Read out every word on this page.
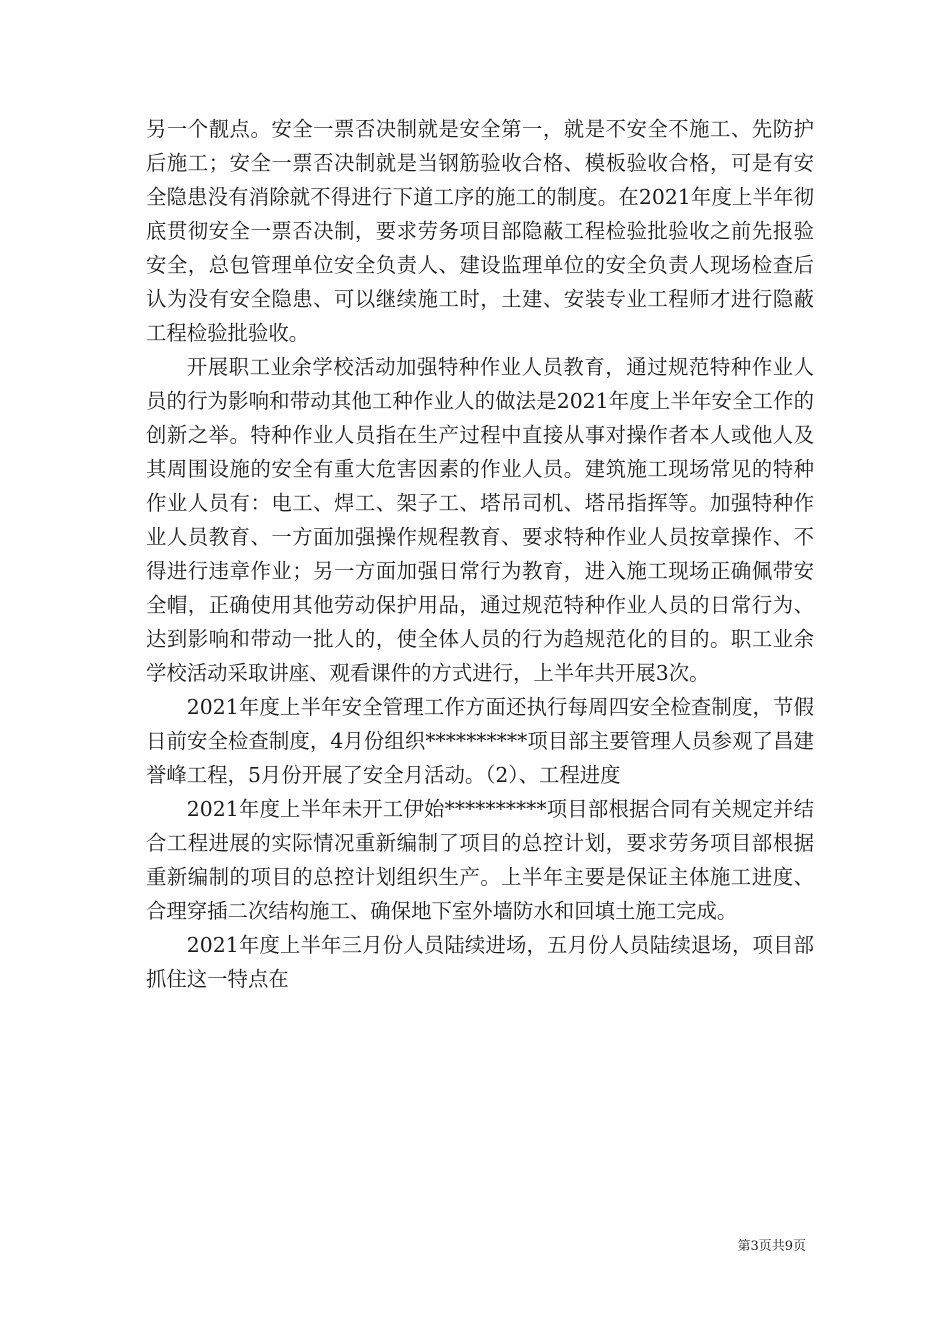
另一个靓点。安全一票否决制就是安全第一，就是不安全不施工、先防护后施工；安全一票否决制就是当钢筋验收合格、模板验收合格，可是有安全隐患没有消除就不得进行下道工序的施工的制度。在2021年度上半年彻底贯彻安全一票否决制，要求劳务项目部隐蔽工程检验批验收之前先报验安全，总包管理单位安全负责人、建设监理单位的安全负责人现场检查后认为没有安全隐患、可以继续施工时，土建、安装专业工程师才进行隐蔽工程检验批验收。

开展职工业余学校活动加强特种作业人员教育，通过规范特种作业人员的行为影响和带动其他工种作业人的做法是2021年度上半年安全工作的创新之举。特种作业人员指在生产过程中直接从事对操作者本人或他人及其周围设施的安全有重大危害因素的作业人员。建筑施工现场常见的特种作业人员有：电工、焊工、架子工、塔吊司机、塔吊指挥等。加强特种作业人员教育、一方面加强操作规程教育、要求特种作业人员按章操作、不得进行违章作业；另一方面加强日常行为教育，进入施工现场正确佩带安全帽，正确使用其他劳动保护用品，通过规范特种作业人员的日常行为、达到影响和带动一批人的，使全体人员的行为趋规范化的目的。职工业余学校活动采取讲座、观看课件的方式进行，上半年共开展3次。

2021年度上半年安全管理工作方面还执行每周四安全检查制度，节假日前安全检查制度，4月份组织**********项目部主要管理人员参观了昌建誉峰工程，5月份开展了安全月活动。（2）、工程进度

2021年度上半年未开工伊始**********项目部根据合同有关规定并结合工程进展的实际情况重新编制了项目的总控计划，要求劳务项目部根据重新编制的项目的总控计划组织生产。上半年主要是保证主体施工进度、合理穿插二次结构施工、确保地下室外墙防水和回填土施工完成。

2021年度上半年三月份人员陆续进场，五月份人员陆续退场，项目部抓住这一特点在

第3页共9页
